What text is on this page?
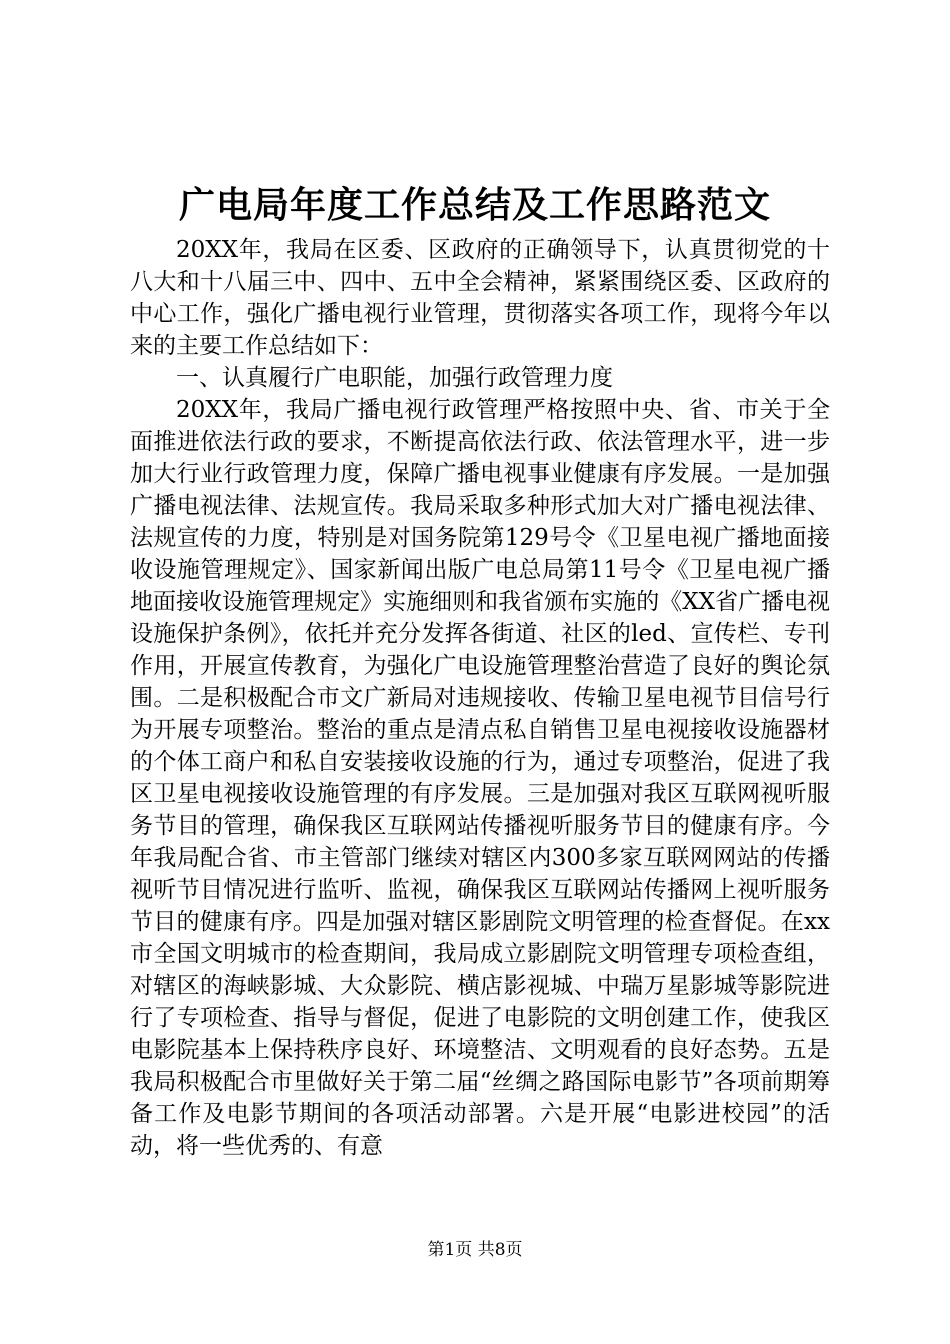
广电局年度工作总结及工作思路范文

20XX年，我局在区委、区政府的正确领导下，认真贯彻党的十八大和十八届三中、四中、五中全会精神，紧紧围绕区委、区政府的中心工作，强化广播电视行业管理，贯彻落实各项工作，现将今年以来的主要工作总结如下：

一、认真履行广电职能，加强行政管理力度

20XX年，我局广播电视行政管理严格按照中央、省、市关于全面推进依法行政的要求，不断提高依法行政、依法管理水平，进一步加大行业行政管理力度，保障广播电视事业健康有序发展。一是加强广播电视法律、法规宣传。我局采取多种形式加大对广播电视法律、法规宣传的力度，特别是对国务院第129号令《卫星电视广播地面接收设施管理规定》、国家新闻出版广电总局第11号令《卫星电视广播地面接收设施管理规定》实施细则和我省颁布实施的《XX省广播电视设施保护条例》，依托并充分发挥各街道、社区的led、宣传栏、专刊作用，开展宣传教育，为强化广电设施管理整治营造了良好的舆论氛围。二是积极配合市文广新局对违规接收、传输卫星电视节目信号行为开展专项整治。整治的重点是清点私自销售卫星电视接收设施器材的个体工商户和私自安装接收设施的行为，通过专项整治，促进了我区卫星电视接收设施管理的有序发展。三是加强对我区互联网视听服务节目的管理，确保我区互联网站传播视听服务节目的健康有序。今年我局配合省、市主管部门继续对辖区内300多家互联网网站的传播视听节目情况进行监听、监视，确保我区互联网站传播网上视听服务节目的健康有序。四是加强对辖区影剧院文明管理的检查督促。在xx市全国文明城市的检查期间，我局成立影剧院文明管理专项检查组，对辖区的海峡影城、大众影院、横店影视城、中瑞万星影城等影院进行了专项检查、指导与督促，促进了电影院的文明创建工作，使我区电影院基本上保持秩序良好、环境整洁、文明观看的良好态势。五是我局积极配合市里做好关于第二届“丝绸之路国际电影节”各项前期筹备工作及电影节期间的各项活动部署。六是开展“电影进校园”的活动，将一些优秀的、有意

第1页 共8页
